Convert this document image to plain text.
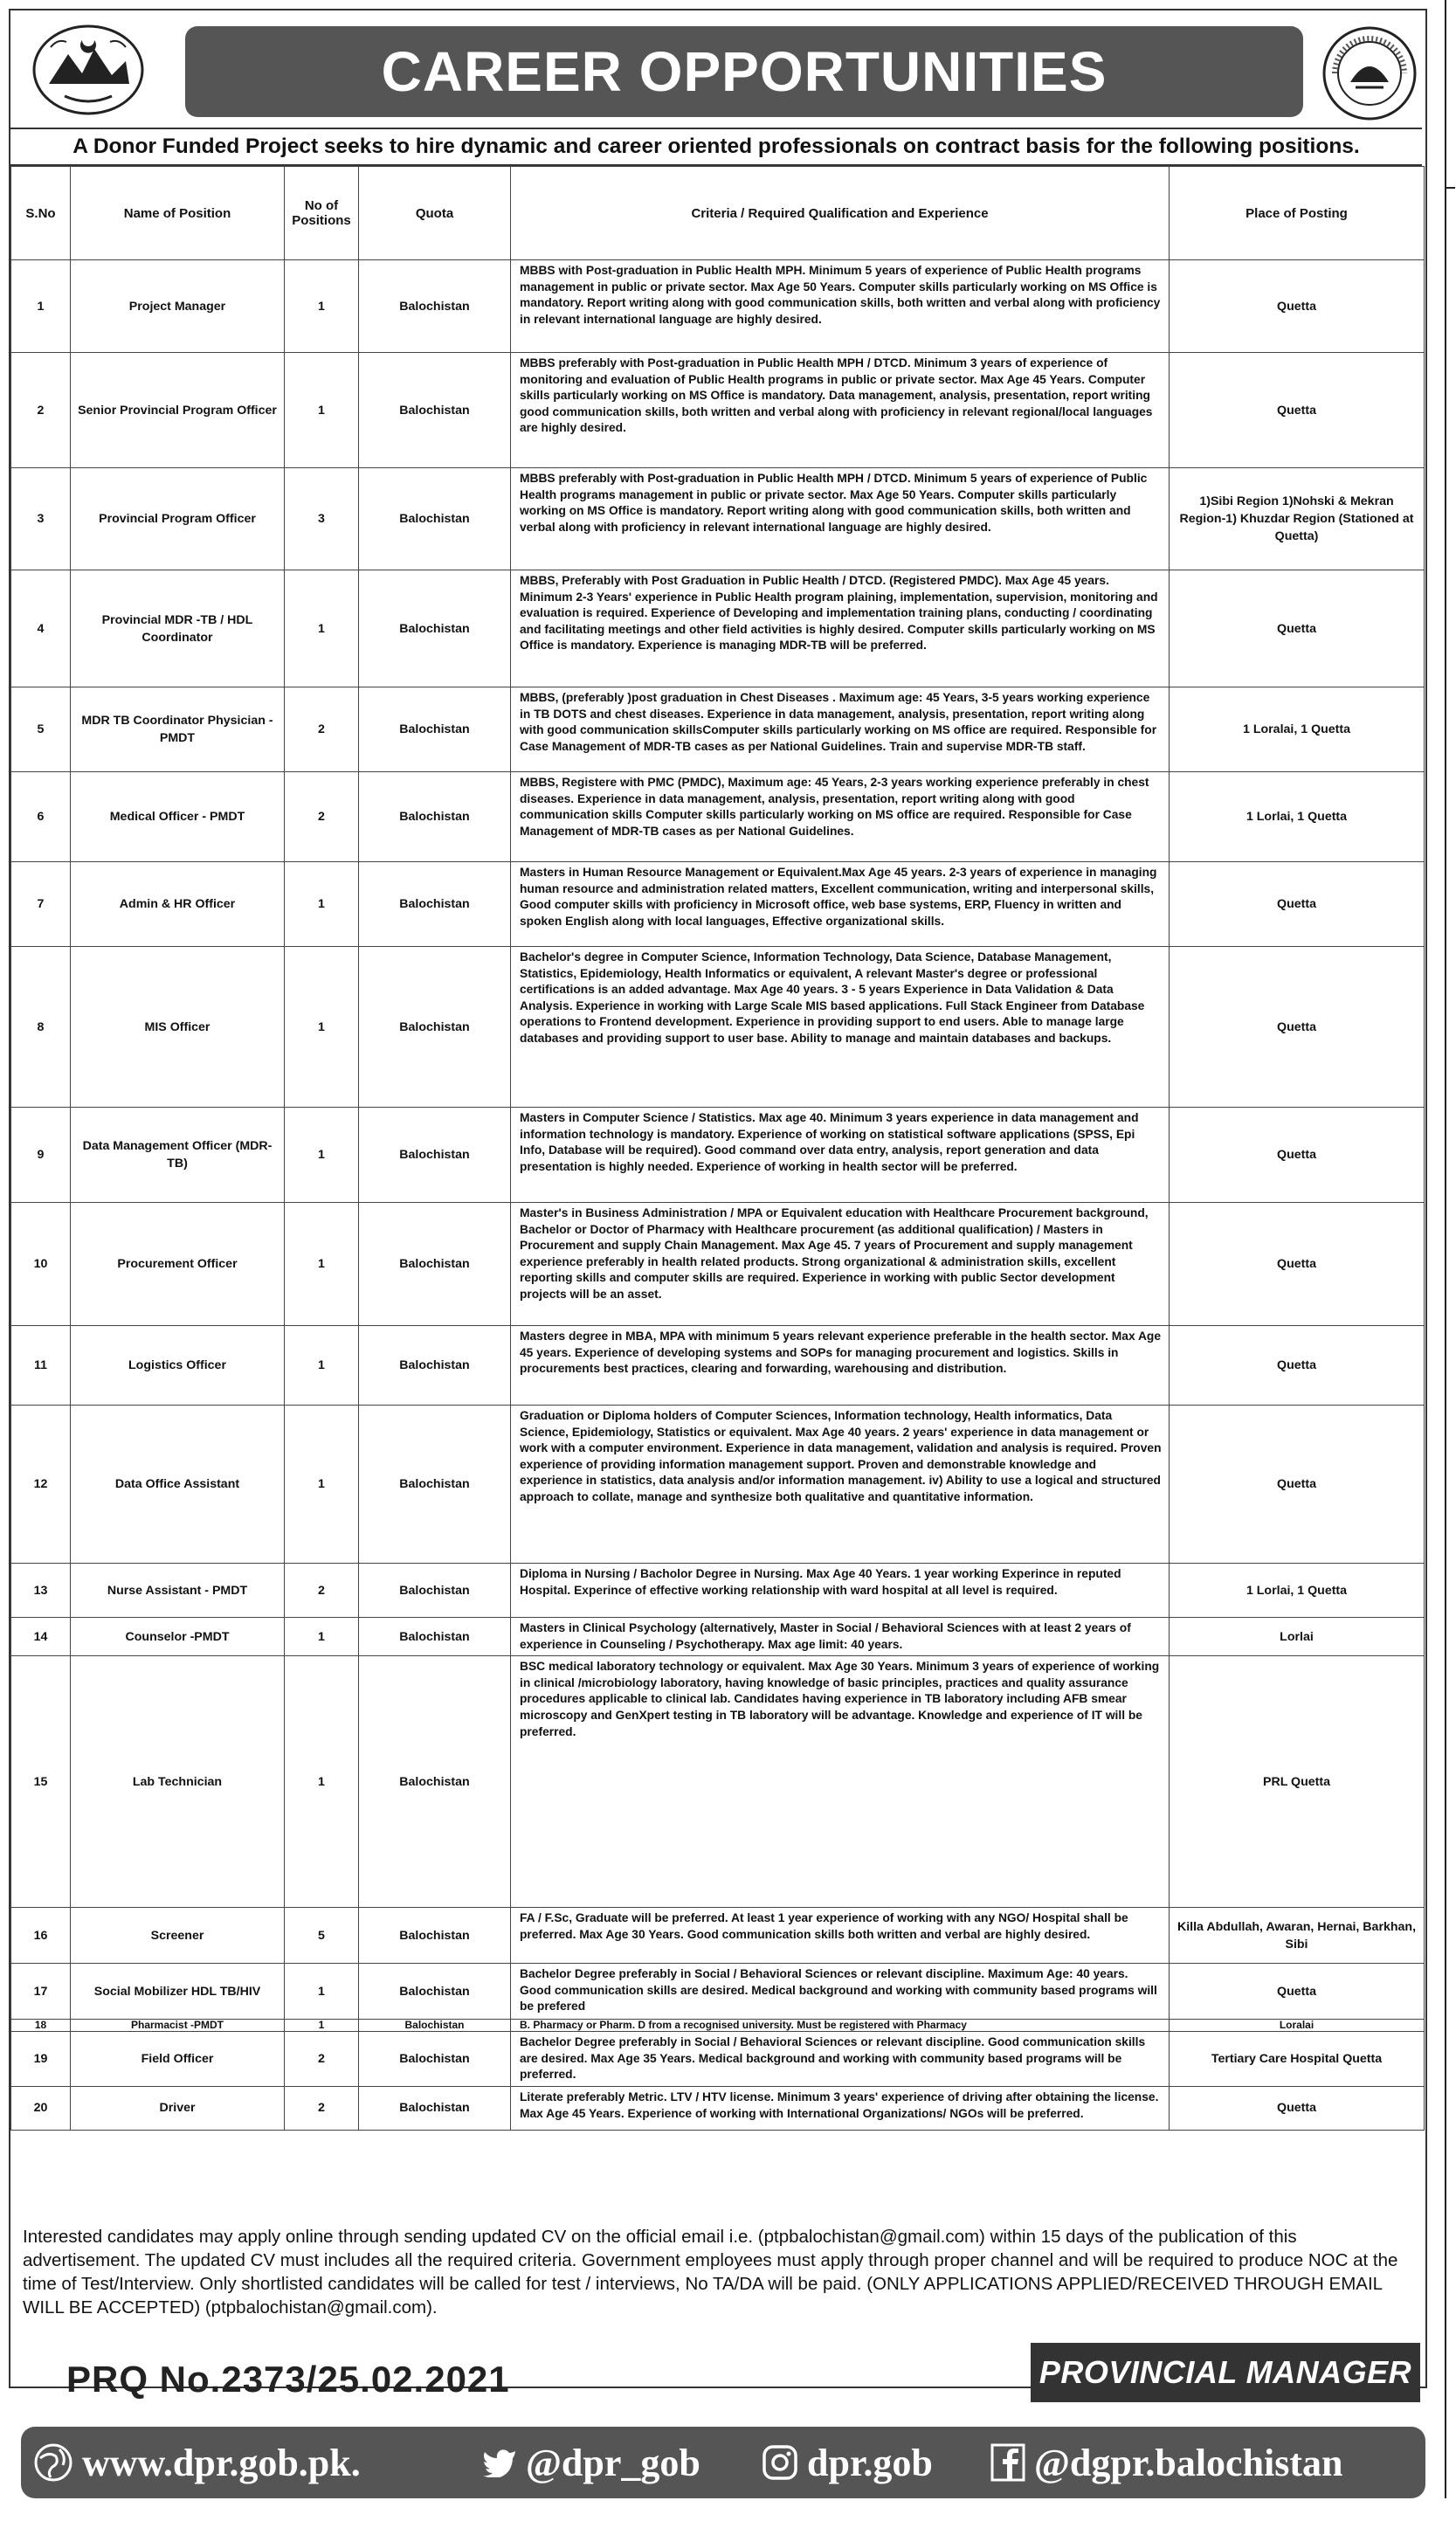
CAREER OPPORTUNITIES
A Donor Funded Project seeks to hire dynamic and career oriented professionals on contract basis for the following positions.
S.No	Name of Position	No of Positions	Quota	Criteria / Required Qualification and Experience	Place of Posting
1	Project Manager	1	Balochistan	MBBS with Post-graduation in Public Health MPH. Minimum 5 years of experience of Public Health programs management in public or private sector. Max Age 50 Years. Computer skills particularly working on MS Office is mandatory. Report writing along with good communication skills, both written and verbal along with proficiency in relevant international language are highly desired.	Quetta
2	Senior Provincial Program Officer	1	Balochistan	MBBS preferably with Post-graduation in Public Health MPH / DTCD. Minimum 3 years of experience of monitoring and evaluation of Public Health programs in public or private sector. Max Age 45 Years. Computer skills particularly working on MS Office is mandatory. Data management, analysis, presentation, report writing good communication skills, both written and verbal along with proficiency in relevant regional/local languages are highly desired.	Quetta
3	Provincial Program Officer	3	Balochistan	MBBS preferably with Post-graduation in Public Health MPH / DTCD. Minimum 5 years of experience of Public Health programs management in public or private sector. Max Age 50 Years. Computer skills particularly working on MS Office is mandatory. Report writing along with good communication skills, both written and verbal along with proficiency in relevant international language are highly desired.	1)Sibi Region 1)Nohski & Mekran Region-1) Khuzdar Region (Stationed at Quetta)
4	Provincial MDR -TB / HDL Coordinator	1	Balochistan	MBBS, Preferably with Post Graduation in Public Health / DTCD. (Registered PMDC). Max Age 45 years. Minimum 2-3 Years' experience in Public Health program plaining, implementation, supervision, monitoring and evaluation is required. Experience of Developing and implementation training plans, conducting / coordinating and facilitating meetings and other field activities is highly desired. Computer skills particularly working on MS Office is mandatory. Experience is managing MDR-TB will be preferred.	Quetta
5	MDR TB Coordinator Physician - PMDT	2	Balochistan	MBBS, (preferably )post graduation in Chest Diseases . Maximum age: 45 Years, 3-5 years working experience in TB DOTS and chest diseases. Experience in data management, analysis, presentation, report writing along with good communication skillsComputer skills particularly working on MS office are required. Responsible for Case Management of MDR-TB cases as per National Guidelines. Train and supervise MDR-TB staff.	1 Loralai, 1 Quetta
6	Medical Officer - PMDT	2	Balochistan	MBBS, Registere with PMC (PMDC), Maximum age: 45 Years, 2-3 years working experience preferably in chest diseases. Experience in data management, analysis, presentation, report writing along with good communication skills Computer skills particularly working on MS office are required. Responsible for Case Management of MDR-TB cases as per National Guidelines.	1 Lorlai, 1 Quetta
7	Admin & HR Officer	1	Balochistan	Masters in Human Resource Management or Equivalent.Max Age 45 years. 2-3 years of experience in managing human resource and administration related matters, Excellent communication, writing and interpersonal skills, Good computer skills with proficiency in Microsoft office, web base systems, ERP, Fluency in written and spoken English along with local languages, Effective organizational skills.	Quetta
8	MIS Officer	1	Balochistan	Bachelor's degree in Computer Science, Information Technology, Data Science, Database Management, Statistics, Epidemiology, Health Informatics or equivalent, A relevant Master's degree or professional certifications is an added advantage. Max Age 40 years. 3 - 5 years Experience in Data Validation & Data Analysis. Experience in working with Large Scale MIS based applications. Full Stack Engineer from Database operations to Frontend development. Experience in providing support to end users. Able to manage large databases and providing support to user base. Ability to manage and maintain databases and backups.	Quetta
9	Data Management Officer (MDR-TB)	1	Balochistan	Masters in Computer Science / Statistics. Max age 40. Minimum 3 years experience in data management and information technology is mandatory. Experience of working on statistical software applications (SPSS, Epi Info, Database will be required). Good command over data entry, analysis, report generation and data presentation is highly needed. Experience of working in health sector will be preferred.	Quetta
10	Procurement Officer	1	Balochistan	Master's in Business Administration / MPA or Equivalent education with Healthcare Procurement background, Bachelor or Doctor of Pharmacy with Healthcare procurement (as additional qualification) / Masters in Procurement and supply Chain Management. Max Age 45. 7 years of Procurement and supply management experience preferably in health related products. Strong organizational & administration skills, excellent reporting skills and computer skills are required. Experience in working with public Sector development projects will be an asset.	Quetta
11	Logistics Officer	1	Balochistan	Masters degree in MBA, MPA with minimum 5 years relevant experience preferable in the health sector. Max Age 45 years. Experience of developing systems and SOPs for managing procurement and logistics. Skills in procurements best practices, clearing and forwarding, warehousing and distribution.	Quetta
12	Data Office Assistant	1	Balochistan	Graduation or Diploma holders of Computer Sciences, Information technology, Health informatics, Data Science, Epidemiology, Statistics or equivalent. Max Age 40 years. 2 years' experience in data management or work with a computer environment. Experience in data management, validation and analysis is required. Proven experience of providing information management support. Proven and demonstrable knowledge and experience in statistics, data analysis and/or information management. iv) Ability to use a logical and structured approach to collate, manage and synthesize both qualitative and quantitative information.	Quetta
13	Nurse Assistant - PMDT	2	Balochistan	Diploma in Nursing / Bacholor Degree in Nursing. Max Age 40 Years. 1 year working Experince in reputed Hospital. Experince of effective working relationship with ward hospital at all level is required.	1 Lorlai, 1 Quetta
14	Counselor -PMDT	1	Balochistan	Masters in Clinical Psychology (alternatively, Master in Social / Behavioral Sciences with at least 2 years of experience in Counseling / Psychotherapy. Max age limit: 40 years.	Lorlai
15	Lab Technician	1	Balochistan	BSC medical laboratory technology or equivalent. Max Age 30 Years. Minimum 3 years of experience of working in clinical /microbiology laboratory, having knowledge of basic principles, practices and quality assurance procedures applicable to clinical lab. Candidates having experience in TB laboratory including AFB smear microscopy and GenXpert testing in TB laboratory will be advantage. Knowledge and experience of IT will be preferred.	PRL Quetta
16	Screener	5	Balochistan	FA / F.Sc, Graduate will be preferred. At least 1 year experience of working with any NGO/ Hospital shall be preferred. Max Age 30 Years. Good communication skills both written and verbal are highly desired.	Killa Abdullah, Awaran, Hernai, Barkhan, Sibi
17	Social Mobilizer HDL TB/HIV	1	Balochistan	Bachelor Degree preferably in Social / Behavioral Sciences or relevant discipline. Maximum Age: 40 years. Good communication skills are desired. Medical background and working with community based programs will be prefered	Quetta
18	Pharmacist -PMDT	1	Balochistan	B. Pharmacy or Pharm. D from a recognised university. Must be registered with Pharmacy	Loralai
19	Field Officer	2	Balochistan	Bachelor Degree preferably in Social / Behavioral Sciences or relevant discipline. Good communication skills are desired. Max Age 35 Years. Medical background and working with community based programs will be preferred.	Tertiary Care Hospital Quetta
20	Driver	2	Balochistan	Literate preferably Metric. LTV / HTV license. Minimum 3 years' experience of driving after obtaining the license. Max Age 45 Years. Experience of working with International Organizations/ NGOs will be preferred.	Quetta
Interested candidates may apply online through sending updated CV on the official email i.e. (ptpbalochistan@gmail.com) within 15 days of the publication of this advertisement. The updated CV must includes all the required criteria. Government employees must apply through proper channel and will be required to produce NOC at the time of Test/Interview. Only shortlisted candidates will be called for test / interviews, No TA/DA will be paid. (ONLY APPLICATIONS APPLIED/RECEIVED THROUGH EMAIL WILL BE ACCEPTED) (ptpbalochistan@gmail.com).
PRQ No.2373/25.02.2021	PROVINCIAL MANAGER
www.dpr.gob.pk.	@dpr_gob	dpr.gob	@dgpr.balochistan
